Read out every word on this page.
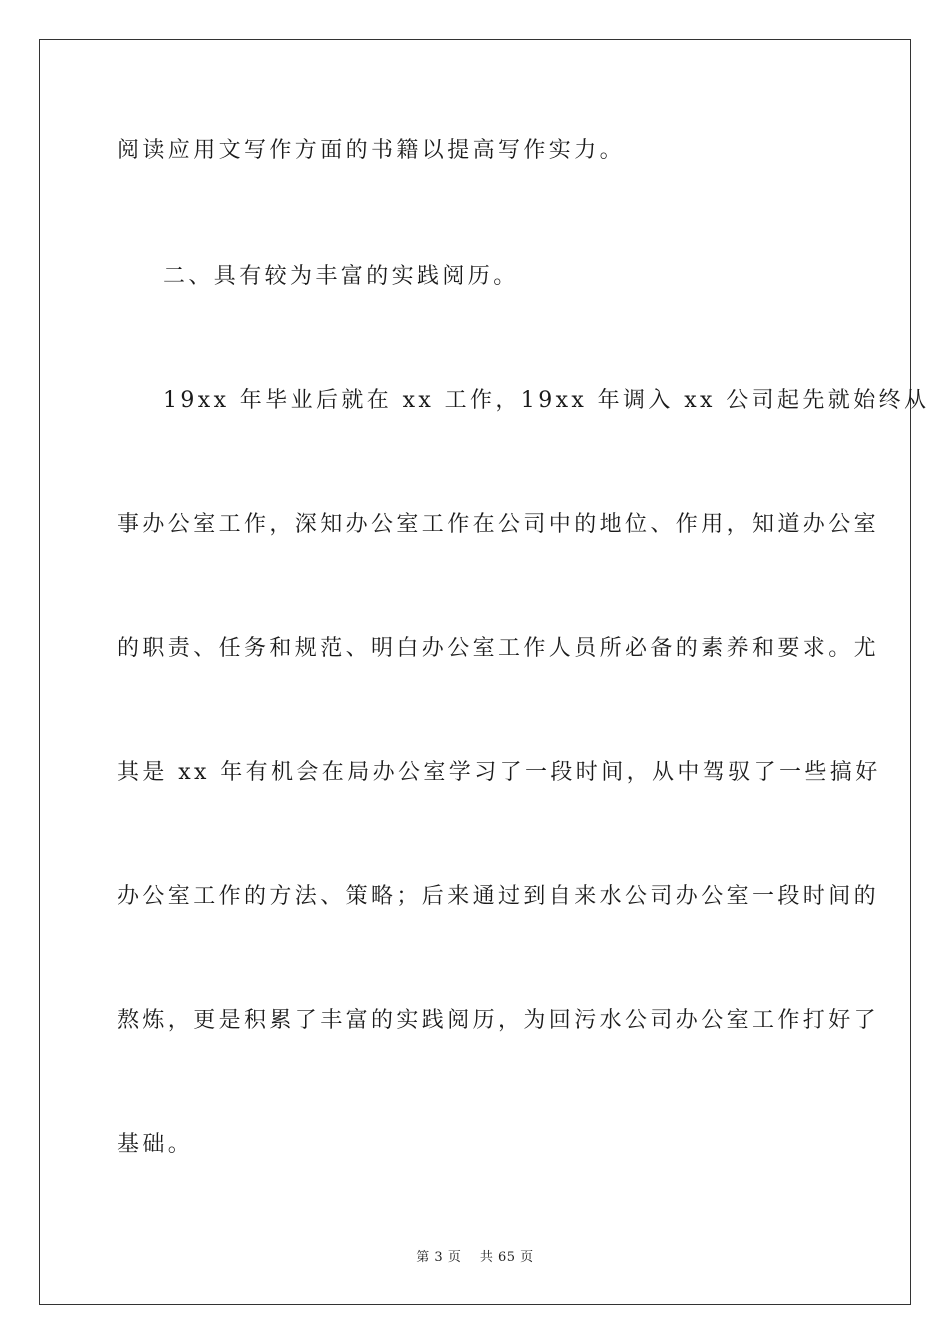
阅读应用文写作方面的书籍以提高写作实力。
二、具有较为丰富的实践阅历。
19xx 年毕业后就在 xx 工作，19xx 年调入 xx 公司起先就始终从
事办公室工作，深知办公室工作在公司中的地位、作用，知道办公室
的职责、任务和规范、明白办公室工作人员所必备的素养和要求。尤
其是 xx 年有机会在局办公室学习了一段时间，从中驾驭了一些搞好
办公室工作的方法、策略；后来通过到自来水公司办公室一段时间的
熬炼，更是积累了丰富的实践阅历，为回污水公司办公室工作打好了
基础。
第 3 页 共 65 页
